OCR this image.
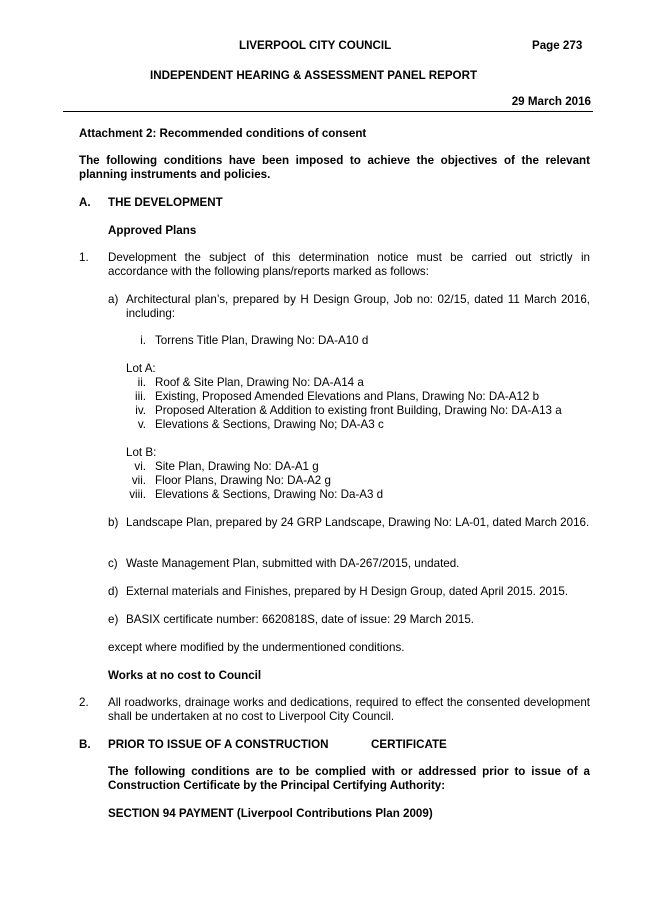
LIVERPOOL CITY COUNCIL	Page 273
INDEPENDENT HEARING & ASSESSMENT PANEL REPORT
29 March 2016
Attachment 2: Recommended conditions of consent
The following conditions have been imposed to achieve the objectives of the relevant planning instruments and policies.
A. THE DEVELOPMENT
Approved Plans
1. Development the subject of this determination notice must be carried out strictly in accordance with the following plans/reports marked as follows:
a) Architectural plan’s, prepared by H Design Group, Job no: 02/15, dated 11 March 2016, including:
i. Torrens Title Plan, Drawing No: DA-A10 d
Lot A:
ii. Roof & Site Plan, Drawing No: DA-A14 a
iii. Existing, Proposed Amended Elevations and Plans, Drawing No: DA-A12 b
iv. Proposed Alteration & Addition to existing front Building, Drawing No: DA-A13 a
v. Elevations & Sections, Drawing No; DA-A3 c
Lot B:
vi. Site Plan, Drawing No: DA-A1 g
vii. Floor Plans, Drawing No: DA-A2 g
viii. Elevations & Sections, Drawing No: Da-A3 d
b) Landscape Plan, prepared by 24 GRP Landscape, Drawing No: LA-01, dated March 2016.
c) Waste Management Plan, submitted with DA-267/2015, undated.
d) External materials and Finishes, prepared by H Design Group, dated April 2015. 2015.
e) BASIX certificate number: 6620818S, date of issue: 29 March 2015.
except where modified by the undermentioned conditions.
Works at no cost to Council
2. All roadworks, drainage works and dedications, required to effect the consented development shall be undertaken at no cost to Liverpool City Council.
B. PRIOR TO ISSUE OF A CONSTRUCTION	CERTIFICATE
The following conditions are to be complied with or addressed prior to issue of a Construction Certificate by the Principal Certifying Authority:
SECTION 94 PAYMENT (Liverpool Contributions Plan 2009)
